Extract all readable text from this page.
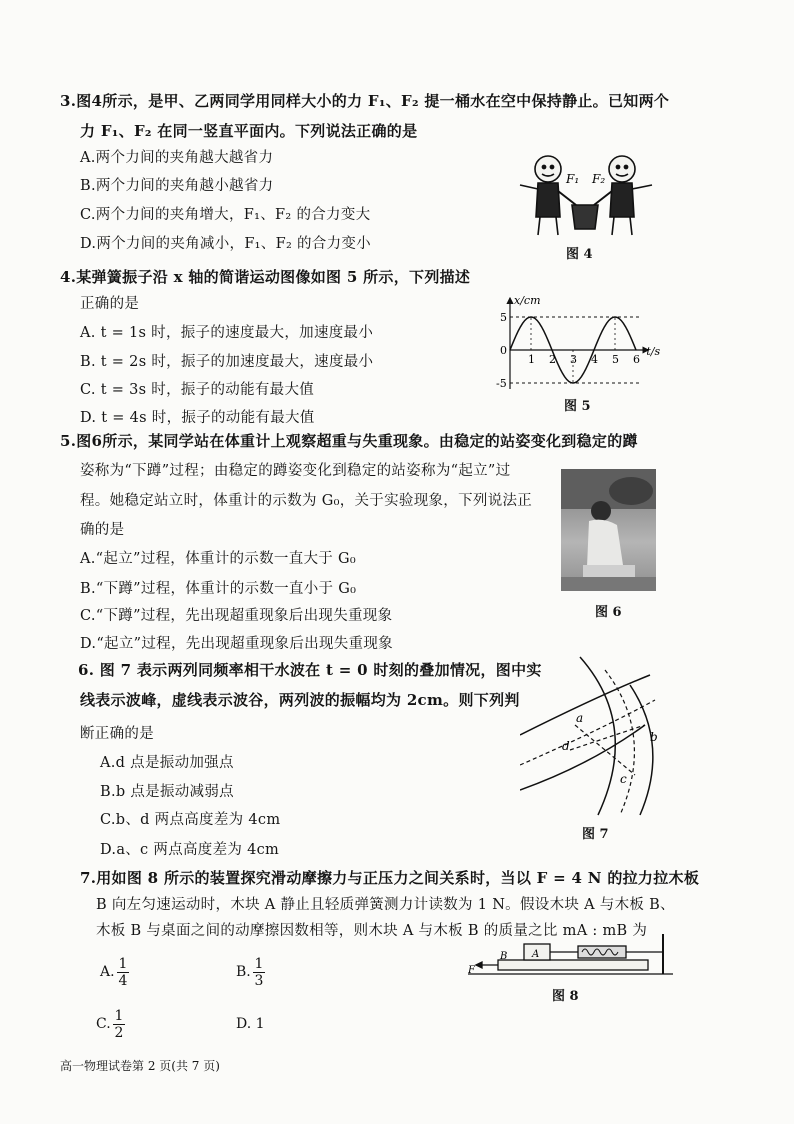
3.图4所示，是甲、乙两同学用同样大小的力 F₁、F₂ 提一桶水在空中保持静止。已知两个
力 F₁、F₂ 在同一竖直平面内。下列说法正确的是
A.两个力间的夹角越大越省力
B.两个力间的夹角越小越省力
C.两个力间的夹角增大，F₁、F₂ 的合力变大
D.两个力间的夹角减小，F₁、F₂ 的合力变小
F₁ F₂
图 4
4.某弹簧振子沿 x 轴的简谐运动图像如图 5 所示，下列描述
正确的是
A. t = 1s 时，振子的速度最大，加速度最小
B. t = 2s 时，振子的加速度最大，速度最小
C. t = 3s 时，振子的动能有最大值
D. t = 4s 时，振子的动能有最大值
x/cm
t/s
1 2 3 4 5 6
5
0
-5
图 5
5.图6所示，某同学站在体重计上观察超重与失重现象。由稳定的站姿变化到稳定的蹲
姿称为“下蹲”过程；由稳定的蹲姿变化到稳定的站姿称为“起立”过
程。她稳定站立时，体重计的示数为 G₀，关于实验现象，下列说法正
确的是
A.“起立”过程，体重计的示数一直大于 G₀
B.“下蹲”过程，体重计的示数一直小于 G₀
C.“下蹲”过程，先出现超重现象后出现失重现象
D.“起立”过程，先出现超重现象后出现失重现象
图 6
6. 图 7 表示两列同频率相干水波在 t = 0 时刻的叠加情况，图中实
线表示波峰，虚线表示波谷，两列波的振幅均为 2cm。则下列判
断正确的是
A.d 点是振动加强点
B.b 点是振动减弱点
C.b、d 两点高度差为 4cm
D.a、c 两点高度差为 4cm
a
b
c
d
图 7
7.用如图 8 所示的装置探究滑动摩擦力与正压力之间关系时，当以 F = 4 N 的拉力拉木板
B 向左匀速运动时，木块 A 静止且轻质弹簧测力计读数为 1 N。假设木块 A 与木板 B、
木板 B 与桌面之间的动摩擦因数相等，则木块 A 与木板 B 的质量之比 mA : mB 为
A. 1
4
B. 1
3
C. 1
2
D. 1
A
B
F
图 8
高一物理试卷第 2 页(共 7 页)
